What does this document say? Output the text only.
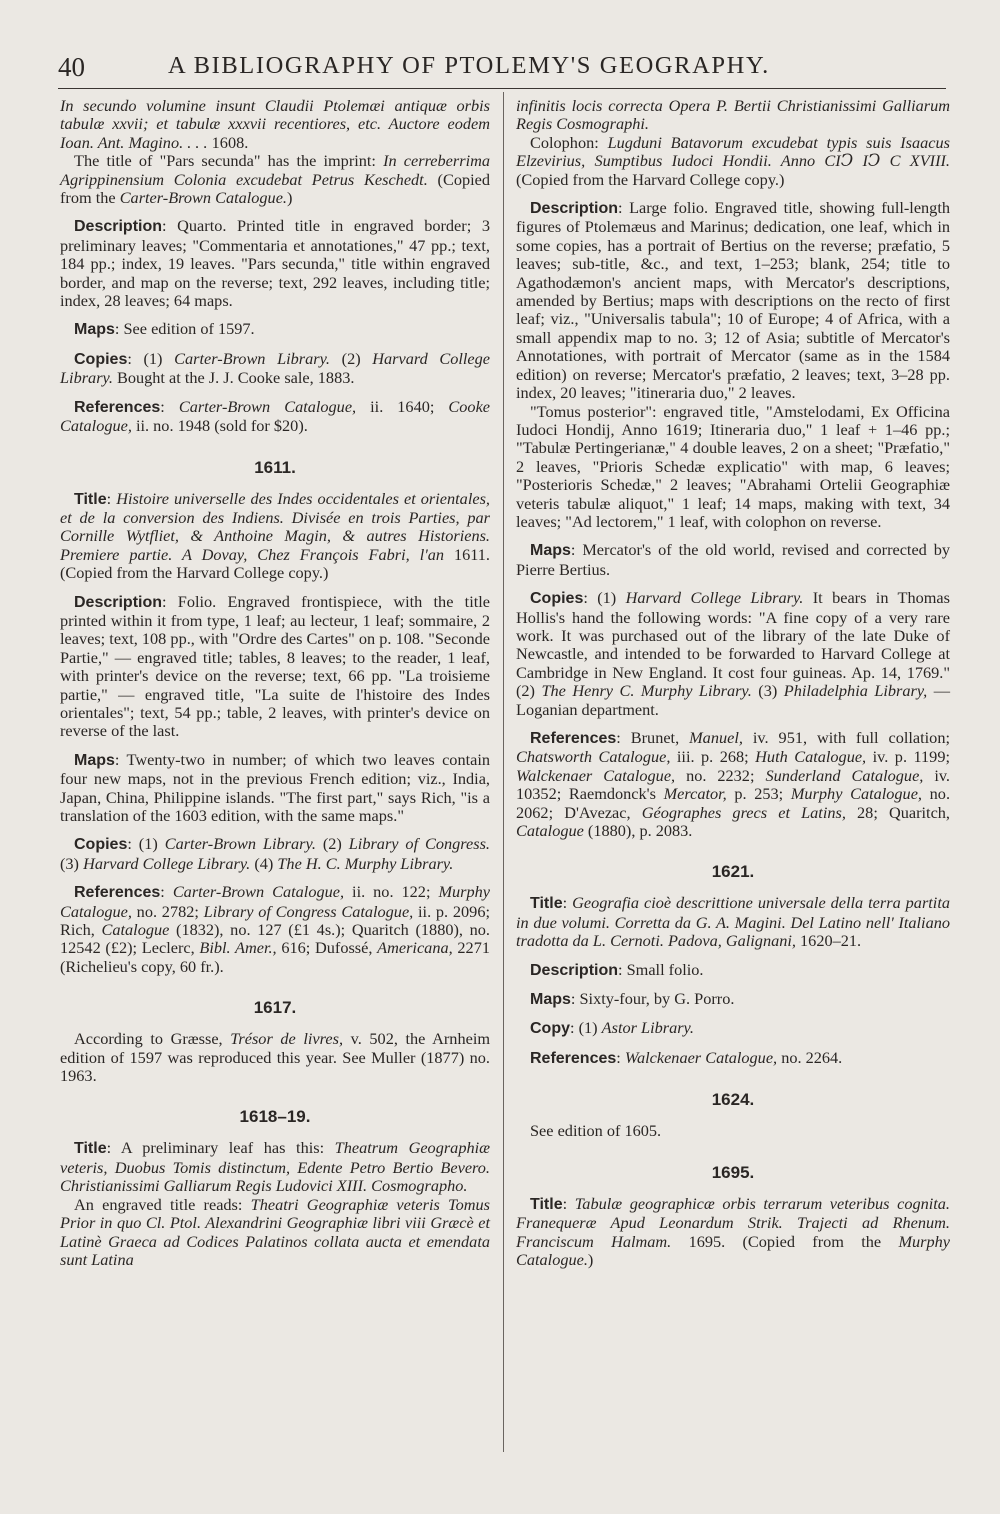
40	A BIBLIOGRAPHY OF PTOLEMY'S GEOGRAPHY.

In secundo volumine insunt Claudii Ptolemæi antiquæ orbis tabulæ xxvii; et tabulæ xxxvii recentiores, etc. Auctore eodem Ioan. Ant. Magino. . . . 1608.

The title of "Pars secunda" has the imprint: In cerreberrima Agrippinensium Colonia excudebat Petrus Keschedt. (Copied from the Carter-Brown Catalogue.)

Description: Quarto. Printed title in engraved border; 3 preliminary leaves; "Commentaria et annotationes," 47 pp.; text, 184 pp.; index, 19 leaves. "Pars secunda," title within engraved border, and map on the reverse; text, 292 leaves, including title; index, 28 leaves; 64 maps.

Maps: See edition of 1597.

Copies: (1) Carter-Brown Library. (2) Harvard College Library. Bought at the J. J. Cooke sale, 1883.

References: Carter-Brown Catalogue, ii. 1640; Cooke Catalogue, ii. no. 1948 (sold for $20).

1611.

Title: Histoire universelle des Indes occidentales et orientales, et de la conversion des Indiens. Divisée en trois Parties, par Cornille Wytfliet, & Anthoine Magin, & autres Historiens. Premiere partie. A Dovay, Chez François Fabri, l'an 1611. (Copied from the Harvard College copy.)

Description: Folio. Engraved frontispiece, with the title printed within it from type, 1 leaf; au lecteur, 1 leaf; sommaire, 2 leaves; text, 108 pp., with "Ordre des Cartes" on p. 108. "Seconde Partie," — engraved title; tables, 8 leaves; to the reader, 1 leaf, with printer's device on the reverse; text, 66 pp. "La troisieme partie," — engraved title, "La suite de l'histoire des Indes orientales"; text, 54 pp.; table, 2 leaves, with printer's device on reverse of the last.

Maps: Twenty-two in number; of which two leaves contain four new maps, not in the previous French edition; viz., India, Japan, China, Philippine islands. "The first part," says Rich, "is a translation of the 1603 edition, with the same maps."

Copies: (1) Carter-Brown Library. (2) Library of Congress. (3) Harvard College Library. (4) The H. C. Murphy Library.

References: Carter-Brown Catalogue, ii. no. 122; Murphy Catalogue, no. 2782; Library of Congress Catalogue, ii. p. 2096; Rich, Catalogue (1832), no. 127 (£1 4s.); Quaritch (1880), no. 12542 (£2); Leclerc, Bibl. Amer., 616; Dufossé, Americana, 2271 (Richelieu's copy, 60 fr.).

1617.

According to Græsse, Trésor de livres, v. 502, the Arnheim edition of 1597 was reproduced this year. See Muller (1877) no. 1963.

1618–19.

Title: A preliminary leaf has this: Theatrum Geographiæ veteris, Duobus Tomis distinctum, Edente Petro Bertio Bevero. Christianissimi Galliarum Regis Ludovici XIII. Cosmographo.

An engraved title reads: Theatri Geographiæ veteris Tomus Prior in quo Cl. Ptol. Alexandrini Geographiæ libri viii Græcè et Latinè Graeca ad Codices Palatinos collata aucta et emendata sunt Latina

infinitis locis correcta Opera P. Bertii Christianissimi Galliarum Regis Cosmographi.

Colophon: Lugduni Batavorum excudebat typis suis Isaacus Elzevirius, Sumptibus Iudoci Hondii. Anno CIↃ IↃ C XVIII. (Copied from the Harvard College copy.)

Description: Large folio. Engraved title, showing full-length figures of Ptolemæus and Marinus; dedication, one leaf, which in some copies, has a portrait of Bertius on the reverse; præfatio, 5 leaves; sub-title, &c., and text, 1–253; blank, 254; title to Agathodæmon's ancient maps, with Mercator's descriptions, amended by Bertius; maps with descriptions on the recto of first leaf; viz., "Universalis tabula"; 10 of Europe; 4 of Africa, with a small appendix map to no. 3; 12 of Asia; subtitle of Mercator's Annotationes, with portrait of Mercator (same as in the 1584 edition) on reverse; Mercator's præfatio, 2 leaves; text, 3–28 pp. index, 20 leaves; "itineraria duo," 2 leaves.

"Tomus posterior": engraved title, "Amstelodami, Ex Officina Iudoci Hondij, Anno 1619; Itineraria duo," 1 leaf + 1–46 pp.; "Tabulæ Pertingerianæ," 4 double leaves, 2 on a sheet; "Præfatio," 2 leaves, "Prioris Schedæ explicatio" with map, 6 leaves; "Posterioris Schedæ," 2 leaves; "Abrahami Ortelii Geographiæ veteris tabulæ aliquot," 1 leaf; 14 maps, making with text, 34 leaves; "Ad lectorem," 1 leaf, with colophon on reverse.

Maps: Mercator's of the old world, revised and corrected by Pierre Bertius.

Copies: (1) Harvard College Library. It bears in Thomas Hollis's hand the following words: "A fine copy of a very rare work. It was purchased out of the library of the late Duke of Newcastle, and intended to be forwarded to Harvard College at Cambridge in New England. It cost four guineas. Ap. 14, 1769." (2) The Henry C. Murphy Library. (3) Philadelphia Library, — Loganian department.

References: Brunet, Manuel, iv. 951, with full collation; Chatsworth Catalogue, iii. p. 268; Huth Catalogue, iv. p. 1199; Walckenaer Catalogue, no. 2232; Sunderland Catalogue, iv. 10352; Raemdonck's Mercator, p. 253; Murphy Catalogue, no. 2062; D'Avezac, Géographes grecs et Latins, 28; Quaritch, Catalogue (1880), p. 2083.

1621.

Title: Geografia cioè descrittione universale della terra partita in due volumi. Corretta da G. A. Magini. Del Latino nell' Italiano tradotta da L. Cernoti. Padova, Galignani, 1620–21.

Description: Small folio.

Maps: Sixty-four, by G. Porro.

Copy: (1) Astor Library.

References: Walckenaer Catalogue, no. 2264.

1624.

See edition of 1605.

1695.

Title: Tabulæ geographicæ orbis terrarum veteribus cognita. Franequeræ Apud Leonardum Strik. Trajecti ad Rhenum. Franciscum Halmam. 1695. (Copied from the Murphy Catalogue.)
